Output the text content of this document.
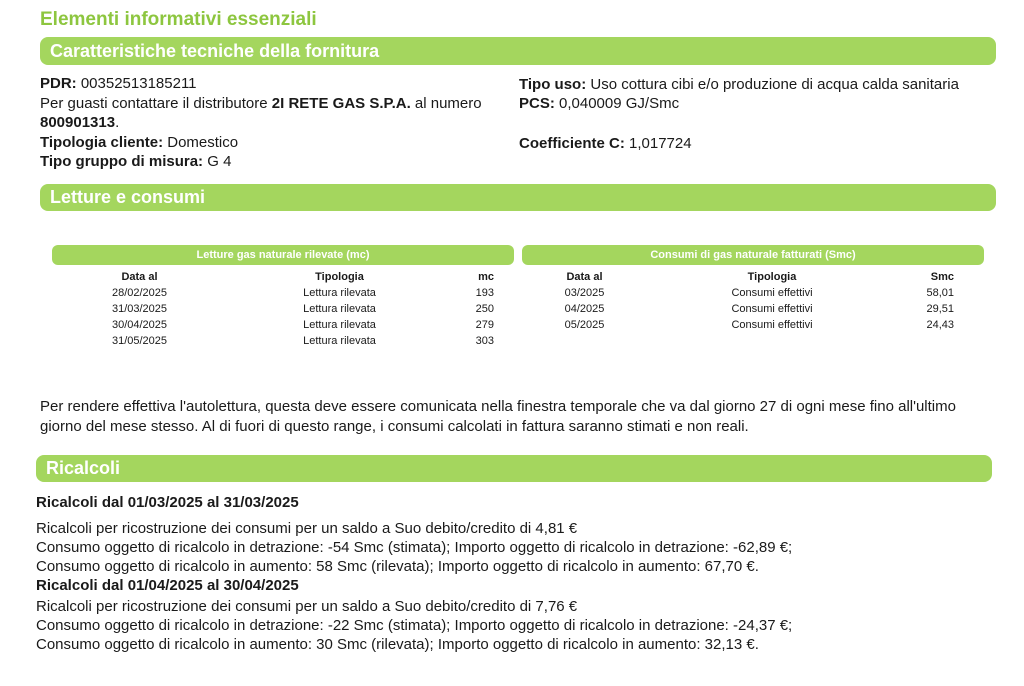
Elementi informativi essenziali
Caratteristiche tecniche della fornitura
PDR: 00352513185211
Per guasti contattare il distributore 2I RETE GAS S.P.A. al numero
800901313.
Tipologia cliente: Domestico
Tipo gruppo di misura: G 4
Tipo uso: Uso cottura cibi e/o produzione di acqua calda sanitaria
PCS: 0,040009 GJ/Smc
Coefficiente C: 1,017724
Letture e consumi
Letture gas naturale rilevate (mc)
Data al	Tipologia	mc	
28/02/2025	Lettura rilevata	193	
31/03/2025	Lettura rilevata	250	
30/04/2025	Lettura rilevata	279	
31/05/2025	Lettura rilevata	303	
Consumi di gas naturale fatturati (Smc)
Data al	Tipologia	Smc	
03/2025	Consumi effettivi	58,01	
04/2025	Consumi effettivi	29,51	
05/2025	Consumi effettivi	24,43	
Per rendere effettiva l'autolettura, questa deve essere comunicata nella finestra temporale che va dal giorno 27 di ogni mese fino all'ultimo giorno del mese stesso. Al di fuori di questo range, i consumi calcolati in fattura saranno stimati e non reali.
Ricalcoli
Ricalcoli dal 01/03/2025 al 31/03/2025
Ricalcoli per ricostruzione dei consumi per un saldo a Suo debito/credito di 4,81 €
Consumo oggetto di ricalcolo in detrazione: -54 Smc (stimata); Importo oggetto di ricalcolo in detrazione: -62,89 €;
Consumo oggetto di ricalcolo in aumento: 58 Smc (rilevata); Importo oggetto di ricalcolo in aumento: 67,70 €.
Ricalcoli dal 01/04/2025 al 30/04/2025
Ricalcoli per ricostruzione dei consumi per un saldo a Suo debito/credito di 7,76 €
Consumo oggetto di ricalcolo in detrazione: -22 Smc (stimata); Importo oggetto di ricalcolo in detrazione: -24,37 €;
Consumo oggetto di ricalcolo in aumento: 30 Smc (rilevata); Importo oggetto di ricalcolo in aumento: 32,13 €.
